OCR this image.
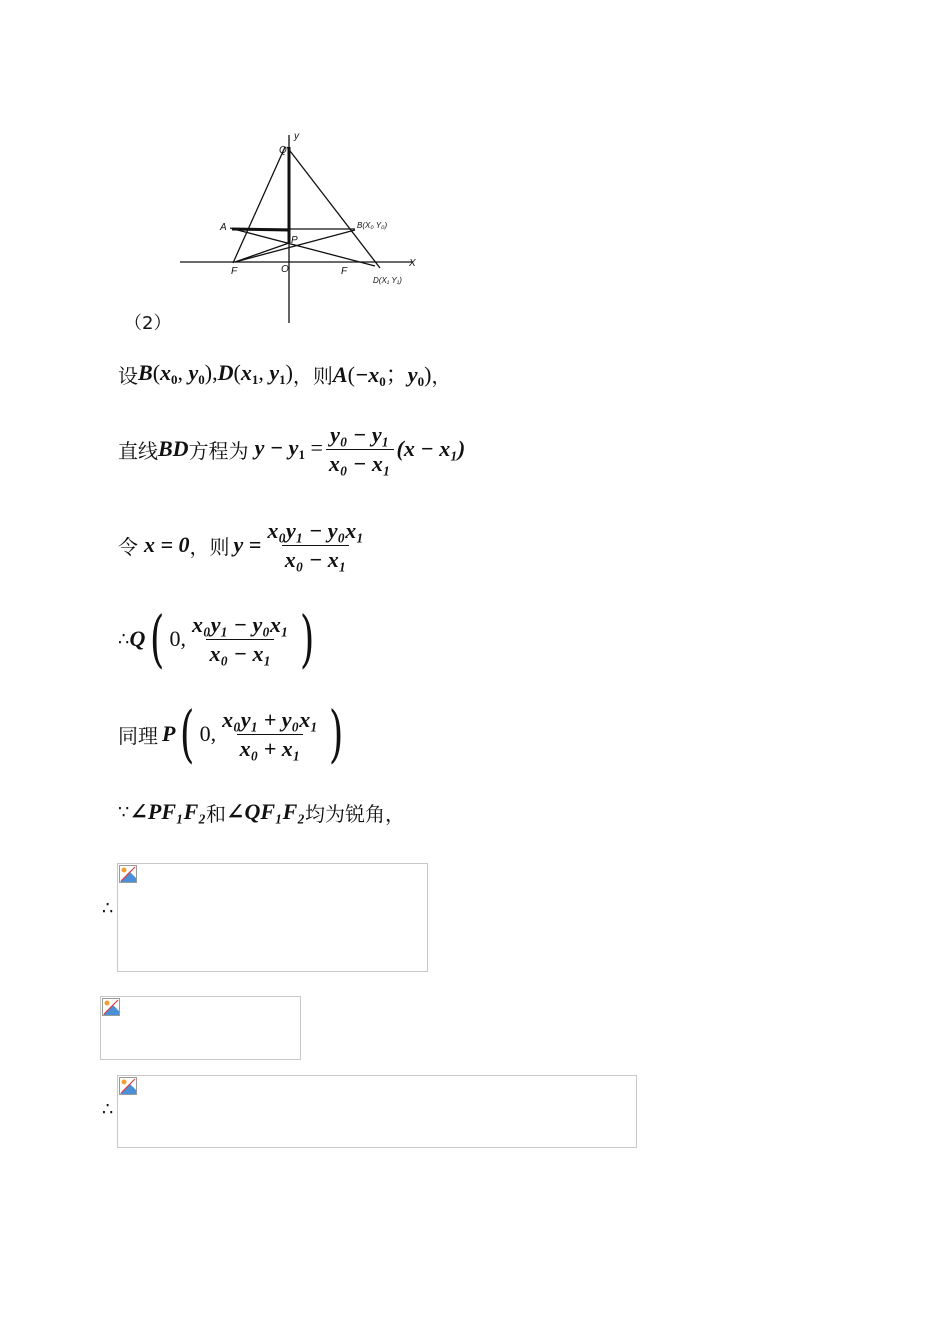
Q
y
A	B(X₀ Y₀)
P
F	O	F
X
D(X₁ Y₁)
（2）
设 $B(x_0$, $y_0),D(x_1$, $y_1$) ，则 $A(-x_0$；$y_0$) ，
直线 BD 方程为 $y - y_1 = \frac{\text{y₀ − y₁}}{\text{x₀ − x₁}} (x - x_1)$
令 x = 0 ，则 $y = \frac{\text{x₀y₁ − y₀x₁}}{\text{x₀ − x₁}}$
∴ Q ( 0, $\frac{\text{x₀y₁ − y₀x₁}}{\text{x₀ − x₁}}$ )
同理 P ( 0, $\frac{\text{x₀y₁ + y₀x₁}}{\text{x₀ + x₁}}$ )
∵ ∠PF₁F₂ 和 ∠QF₁F₂ 均为锐角，
∴
∴
